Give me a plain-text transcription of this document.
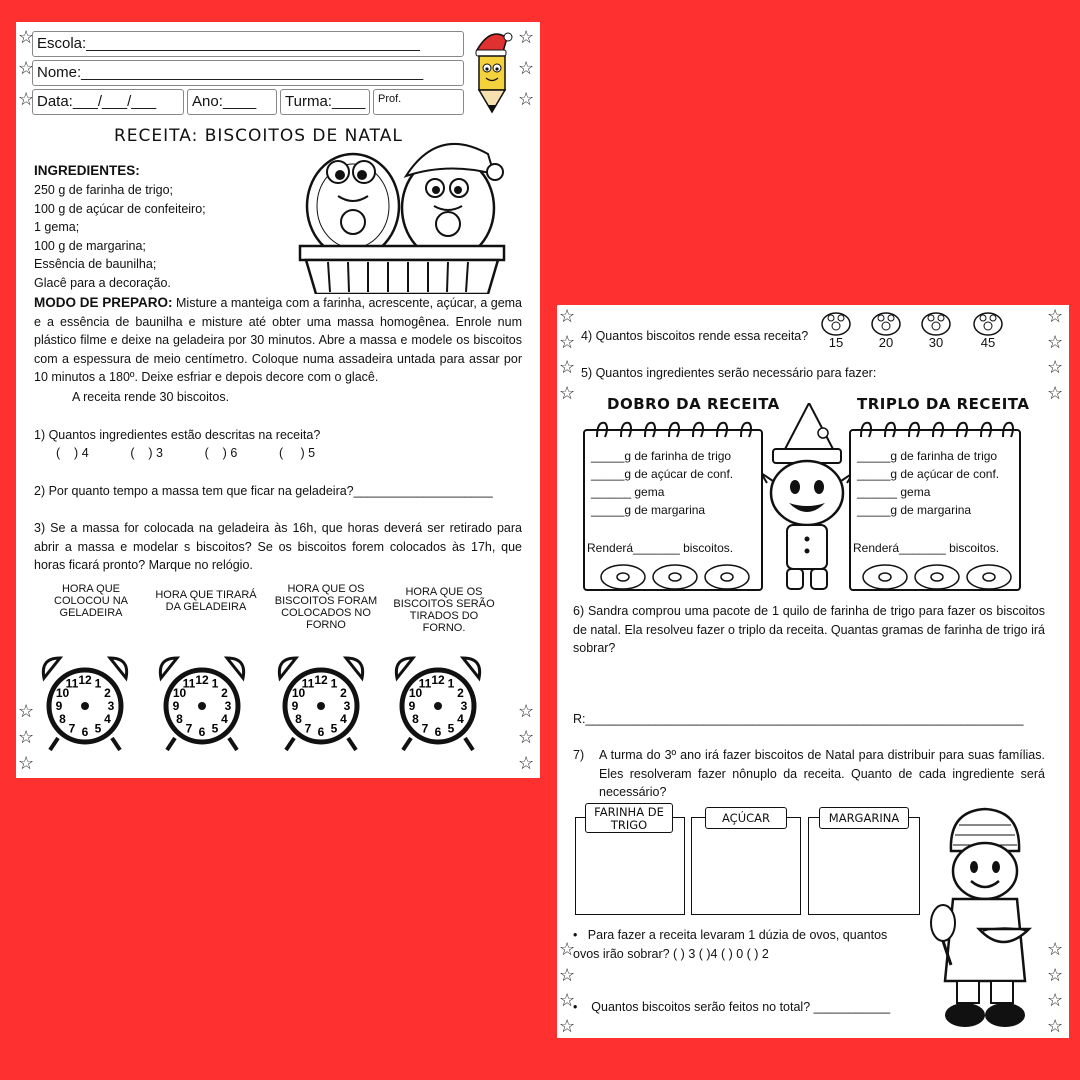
☆
☆
☆
☆
☆
☆
☆
☆
☆
☆
☆
☆
Escola:________________________________________
Nome:_________________________________________
Data:___/___/___	Ano:____	Turma:____	Prof.
RECEITA: BISCOITOS DE NATAL
INGREDIENTES:
250 g de farinha de trigo;
100 g de açúcar de confeiteiro;
1 gema;
100 g de margarina;
Essência de baunilha;
Glacê para a decoração.
MODO DE PREPARO: Misture a manteiga com a farinha, acrescente, açúcar, a gema e a essência de baunilha e misture até obter uma massa homogênea. Enrole num plástico filme e deixe na geladeira por 30 minutos. Abre a massa e modele os biscoitos com a espessura de meio centímetro. Coloque numa assadeira untada para assar por 10 minutos a 180º. Deixe esfriar e depois decore com o glacê.
A receita rende 30 biscoitos.
1) Quantos ingredientes estão descritas na receita?
(    ) 4            (    ) 3            (    ) 6            (     ) 5
2) Por quanto tempo a massa tem que ficar na geladeira?____________________
3) Se a massa for colocada na geladeira às 16h, que horas deverá ser retirado para abrir a massa e modelar s biscoitos? Se os biscoitos forem colocados às 17h, que horas ficará pronto? Marque no relógio.
HORA QUE COLOCOU NA GELADEIRA
HORA QUE TIRARÁ DA GELADEIRA
HORA QUE OS BISCOITOS FORAM COLOCADOS NO FORNO
HORA QUE OS BISCOITOS SERÃO TIRADOS DO FORNO.
12 1
2
3
4
5
6
7
8
9
10
11	12 1
2
3
4
5
6
7
8
9
10
11	12 1
2
3
4
5
6
7
8
9
10
11	12 1
2
3
4
5
6
7
8
9
10
11
☆
☆
☆
☆
☆
☆
☆
☆
☆
☆
☆
☆
☆
☆
☆
☆
4) Quantos biscoitos rende essa receita?	15	20	30	45
5) Quantos ingredientes serão necessário para fazer:
DOBRO DA RECEITA	TRIPLO DA RECEITA
_____g de farinha de trigo
_____g de açúcar de conf.
______ gema
_____g de margarina
Renderá_______ biscoitos.
_____g de farinha de trigo
_____g de açúcar de conf.
______ gema
_____g de margarina
Renderá_______ biscoitos.
6) Sandra comprou uma pacote de 1 quilo de farinha de trigo para fazer os biscoitos de natal. Ela resolveu fazer o triplo da receita. Quantas gramas de farinha de trigo irá sobrar?
R:_______________________________________________________________
7) A turma do 3º ano irá fazer biscoitos de Natal para distribuir para suas famílias. Eles resolveram fazer nônuplo da receita. Quanto de cada ingrediente será necessário?
FARINHA DE TRIGO	AÇÚCAR	MARGARINA
•   Para fazer a receita levaram 1 dúzia de ovos, quantos ovos irão sobrar? ( ) 3 ( )4 ( ) 0 ( ) 2
•    Quantos biscoitos serão feitos no total? ___________
